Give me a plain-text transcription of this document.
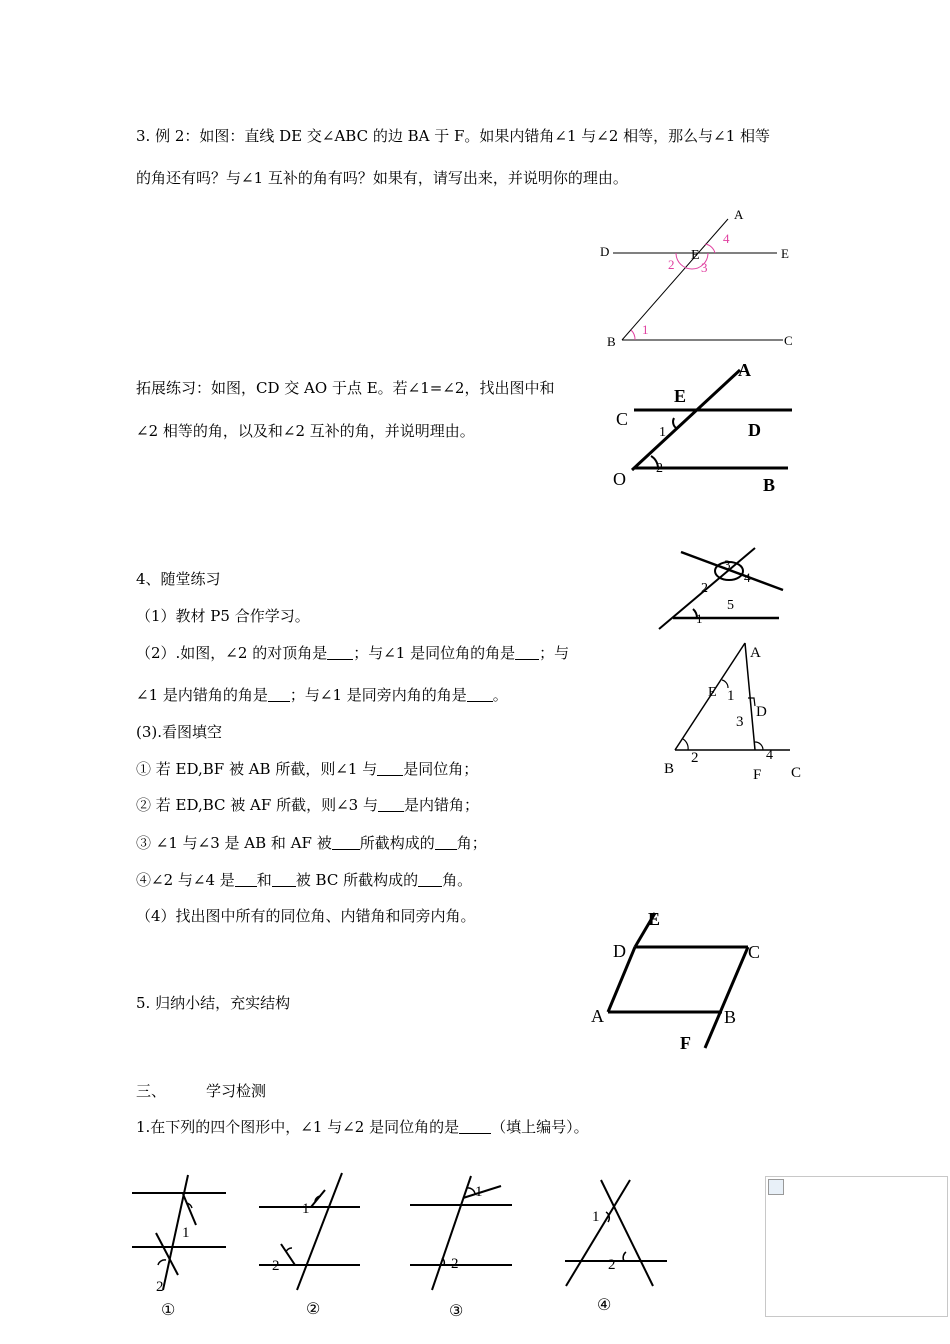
3. 例 2：如图：直线 DE 交∠ABC 的边 BA 于 F。如果内错角∠1 与∠2 相等，那么与∠1 相等
的角还有吗？与∠1 互补的角有吗？如果有，请写出来，并说明你的理由。
D
A
E	E
2 3
4
1
B	C
拓展练习：如图，CD 交 AO 于点 E。若∠1=∠2，找出图中和
∠2 相等的角，以及和∠2 互补的角，并说明理由。
A
E
C
D
1
2
O	B
4、随堂练习
（1）教材 P5 合作学习。
（2）.如图，∠2 的对顶角是 ；与∠1 是同位角的角是 ；与
∠1 是内错角的角是 ；与∠1 是同旁内角的角是 。
(3).看图填空
① 若 ED,BF 被 AB 所截，则∠1 与 是同位角；
② 若 ED,BC 被 AF 所截，则∠3 与 是内错角；
③ ∠1 与∠3 是 AB 和 AF 被 所截构成的 角；
④∠2 与∠4 是 和 被 BC 所截构成的 角。
（4）找出图中所有的同位角、内错角和同旁内角。
3
4
2
5
1
A
E 1
D
3
2	4
B	F C
E
D	C
A	B
F
5. 归纳小结，充实结构
三、	学习检测
1.在下列的四个图形中，∠1 与∠2 是同位角的是 （填上编号）。
1
2
①
1
2
②
1
2
③
1
2
④
